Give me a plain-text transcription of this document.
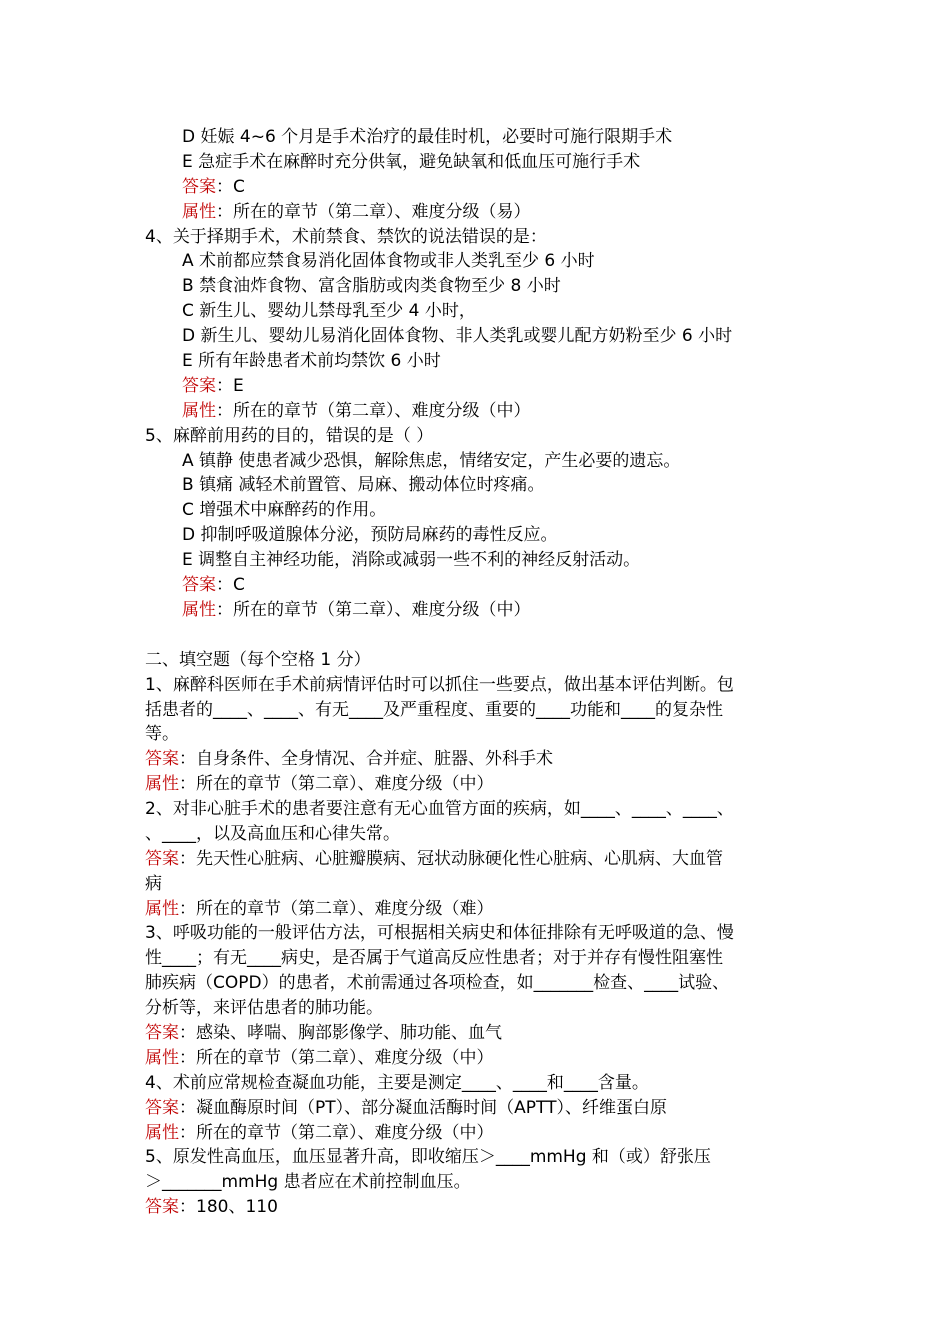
D 妊娠 4~6 个月是手术治疗的最佳时机，必要时可施行限期手术
E 急症手术在麻醉时充分供氧，避免缺氧和低血压可施行手术
答案：C
属性：所在的章节（第二章）、难度分级（易）
4、关于择期手术，术前禁食、禁饮的说法错误的是：
A 术前都应禁食易消化固体食物或非人类乳至少 6 小时
B 禁食油炸食物、富含脂肪或肉类食物至少 8 小时
C 新生儿、婴幼儿禁母乳至少 4 小时，
D 新生儿、婴幼儿易消化固体食物、非人类乳或婴儿配方奶粉至少 6 小时
E 所有年龄患者术前均禁饮 6 小时
答案：E
属性：所在的章节（第二章）、难度分级（中）
5、麻醉前用药的目的，错误的是（ ）
A 镇静 使患者减少恐惧，解除焦虑，情绪安定，产生必要的遗忘。
B 镇痛 减轻术前置管、局麻、搬动体位时疼痛。
C 增强术中麻醉药的作用。
D 抑制呼吸道腺体分泌，预防局麻药的毒性反应。
E 调整自主神经功能，消除或减弱一些不利的神经反射活动。
答案：C
属性：所在的章节（第二章）、难度分级（中）
二、填空题（每个空格 1 分）
1、麻醉科医师在手术前病情评估时可以抓住一些要点，做出基本评估判断。包
括患者的____、____、有无____及严重程度、重要的____功能和____的复杂性
等。
答案：自身条件、全身情况、合并症、脏器、外科手术
属性：所在的章节（第二章）、难度分级（中）
2、对非心脏手术的患者要注意有无心血管方面的疾病，如____、____、____、
、____，以及高血压和心律失常。
答案：先天性心脏病、心脏瓣膜病、冠状动脉硬化性心脏病、心肌病、大血管
病
属性：所在的章节（第二章）、难度分级（难）
3、呼吸功能的一般评估方法，可根据相关病史和体征排除有无呼吸道的急、慢
性____；有无____病史，是否属于气道高反应性患者；对于并存有慢性阻塞性
肺疾病（COPD）的患者，术前需通过各项检查，如_______检查、____试验、
分析等，来评估患者的肺功能。
答案：感染、哮喘、胸部影像学、肺功能、血气
属性：所在的章节（第二章）、难度分级（中）
4、术前应常规检查凝血功能，主要是测定____、____和____含量。
答案：凝血酶原时间（PT）、部分凝血活酶时间（APTT）、纤维蛋白原
属性：所在的章节（第二章）、难度分级（中）
5、原发性高血压，血压显著升高，即收缩压＞____mmHg 和（或）舒张压
＞_______mmHg 患者应在术前控制血压。
答案：180、110
